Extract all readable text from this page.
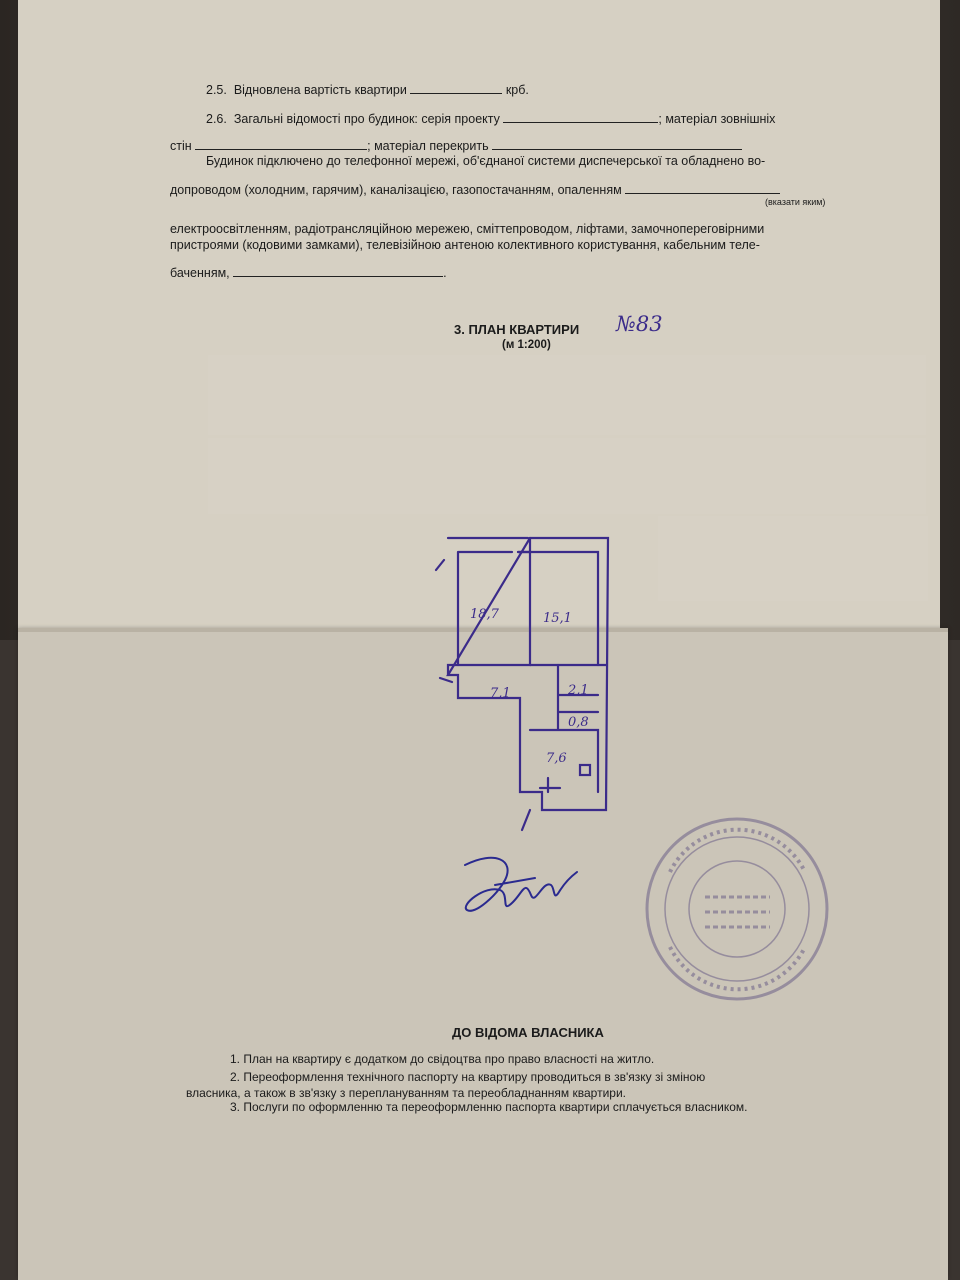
2.5. Відновлена вартість квартири	крб.
2.6. Загальні відомості про будинок: серія проекту	; матеріал зовнішніх
стін	; матеріал перекрить
Будинок підключено до телефонної мережі, об'єднаної системи диспечерської та обладнено во-
допроводом (холодним, гарячим), каналізацією, газопостачанням, опаленням
(вказати яким)
електроосвітленням, радіотрансляційною мережею, сміттепроводом, ліфтами, замочнопереговірними
пристроями (кодовими замками), телевізійною антеною колективного користування, кабельним теле-
баченням,	.
3. ПЛАН КВАРТИРИ №83
(м 1:200)
18,7	15,1
7,1	2,1
0,8
7,6
ДО ВІДОМА ВЛАСНИКА
1. План на квартиру є додатком до свідоцтва про право власності на житло.
2. Переоформлення технічного паспорту на квартиру проводиться в зв'язку зі зміною
власника, а також в зв'язку з переплануванням та переобладнанням квартири.
3. Послуги по оформленню та переоформленню паспорта квартири сплачується власником.
